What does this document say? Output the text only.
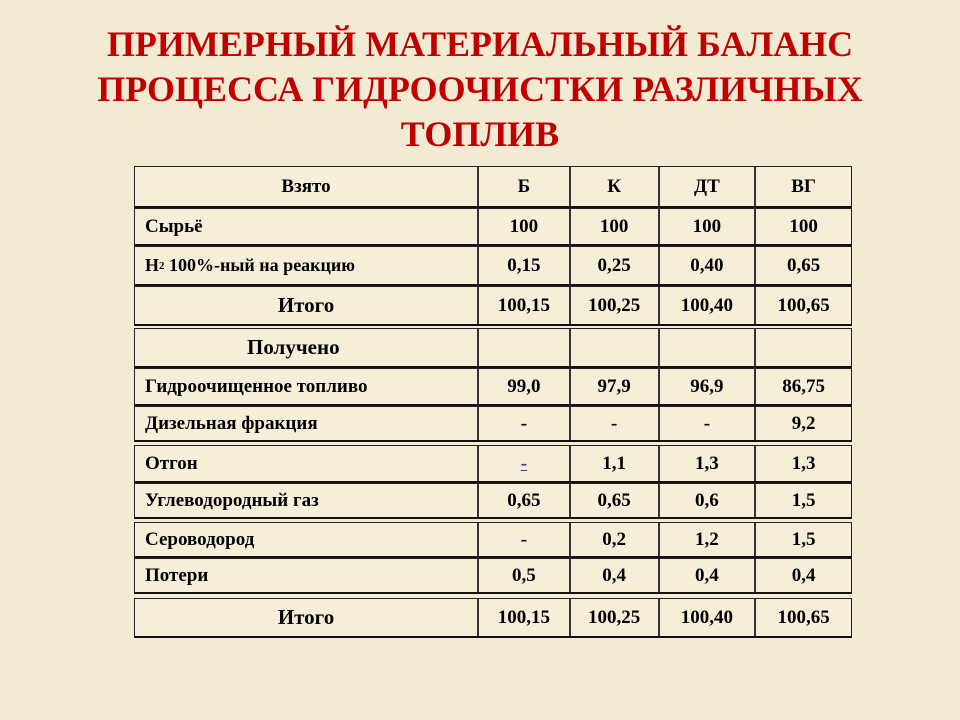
ПРИМЕРНЫЙ МАТЕРИАЛЬНЫЙ БАЛАНС
ПРОЦЕССА ГИДРООЧИСТКИ РАЗЛИЧНЫХ
ТОПЛИВ
Взято	Б	К	ДТ	ВГ
Сырьё	100	100	100	100
Н 2 100%-ный на реакцию	0,15	0,25	0,40	0,65
Итого	100,15	100,25	100,40	100,65
Получено
Гидроочищенное топливо	99,0	97,9	96,9	86,75
Дизельная фракция	-	-	-	9,2
Отгон	-	1,1	1,3	1,3
Углеводородный газ	0,65	0,65	0,6	1,5
Сероводород	-	0,2	1,2	1,5
Потери	0,5	0,4	0,4	0,4
Итого	100,15	100,25	100,40	100,65
